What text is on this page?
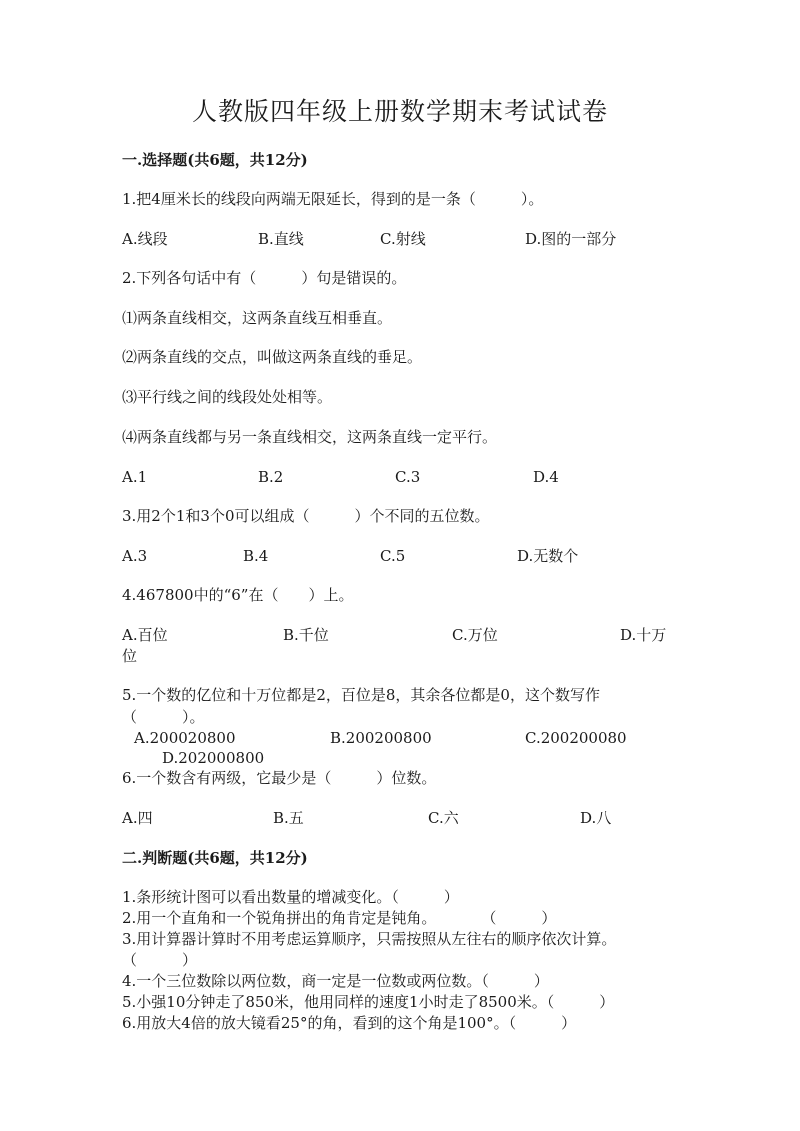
人教版四年级上册数学期末考试试卷
一.选择题(共6题，共12分)
1.把4厘米长的线段向两端无限延长，得到的是一条（　　　）。
A.线段	B.直线	C.射线	D.图的一部分
2.下列各句话中有（　　　）句是错误的。
⑴两条直线相交，这两条直线互相垂直。
⑵两条直线的交点，叫做这两条直线的垂足。
⑶平行线之间的线段处处相等。
⑷两条直线都与另一条直线相交，这两条直线一定平行。
A.1	B.2	C.3	D.4
3.用2个1和3个0可以组成（　　　）个不同的五位数。
A.3	B.4	C.5	D.无数个
4.467800中的“6”在（　　）上。
A.百位	B.千位	C.万位	D.十万
位
5.一个数的亿位和十万位都是2，百位是8，其余各位都是0，这个数写作（　　　）。
A.200020800	B.200200800	C.200200080
D.202000800
6.一个数含有两级，它最少是（　　　）位数。
A.四	B.五	C.六	D.八
二.判断题(共6题，共12分)
1.条形统计图可以看出数量的增减变化。（　　　）
2.用一个直角和一个锐角拼出的角肯定是钝角。　　　　（　　　）
3.用计算器计算时不用考虑运算顺序，只需按照从左往右的顺序依次计算。
（　　　）
4.一个三位数除以两位数，商一定是一位数或两位数。（　　　）
5.小强10分钟走了850米，他用同样的速度1小时走了8500米。（　　　）
6.用放大4倍的放大镜看25°的角，看到的这个角是100°。（　　　）
